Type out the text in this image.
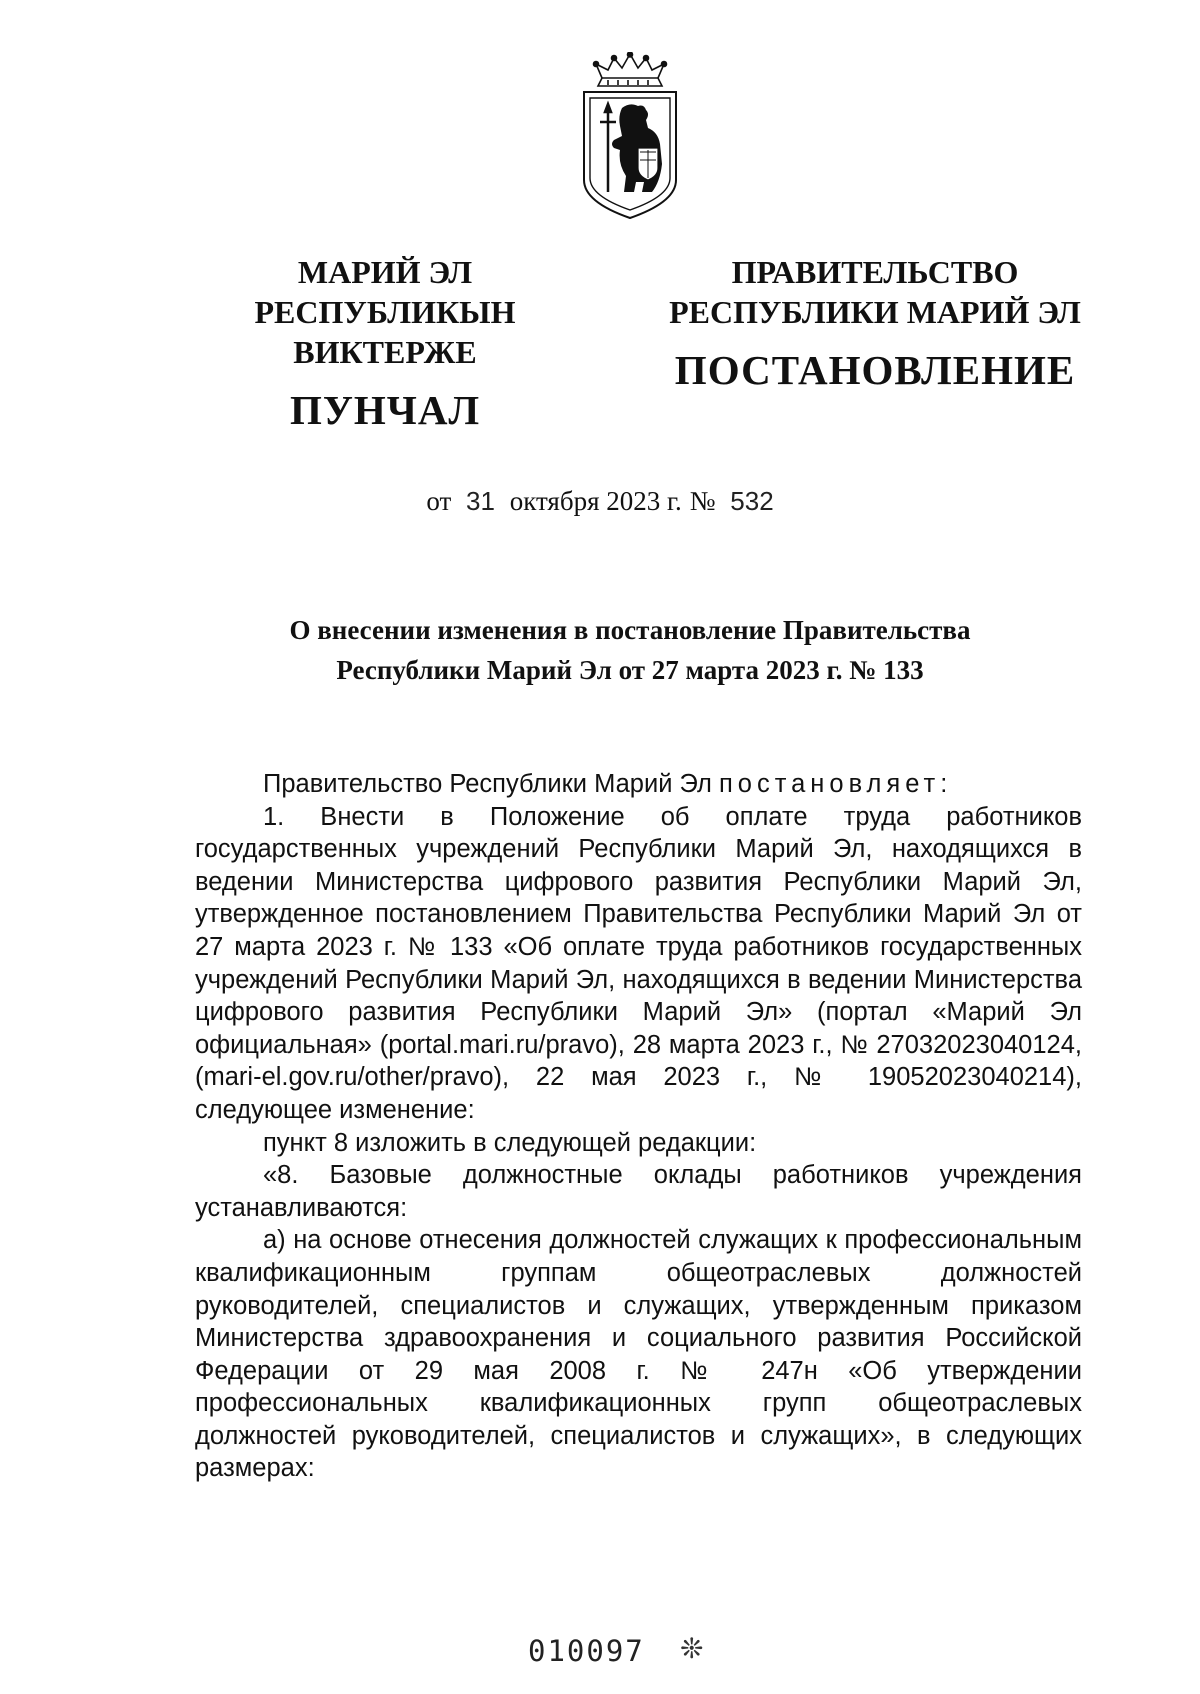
МАРИЙ ЭЛ РЕСПУБЛИКЫН
ВИКТЕРЖЕ
ПУНЧАЛ
ПРАВИТЕЛЬСТВО
РЕСПУБЛИКИ МАРИЙ ЭЛ
ПОСТАНОВЛЕНИЕ
от 31 октября 2023 г. № 532
О внесении изменения в постановление Правительства
Республики Марий Эл от 27 марта 2023 г. № 133

Правительство Республики Марий Эл постановляет:

1. Внести в Положение об оплате труда работников государственных учреждений Республики Марий Эл, находящихся в ведении Министерства цифрового развития Республики Марий Эл, утвержденное постановлением Правительства Республики Марий Эл от 27 марта 2023 г. № 133 «Об оплате труда работников государственных учреждений Республики Марий Эл, находящихся в ведении Министерства цифрового развития Республики Марий Эл» (портал «Марий Эл официальная» (portal.mari.ru/pravo), 28 марта 2023 г., № 27032023040124, (mari-el.gov.ru/other/pravo), 22 мая 2023 г., № 19052023040214), следующее изменение:

пункт 8 изложить в следующей редакции:

«8. Базовые должностные оклады работников учреждения устанавливаются:

а) на основе отнесения должностей служащих к профессиональным квалификационным группам общеотраслевых должностей руководителей, специалистов и служащих, утвержденным приказом Министерства здравоохранения и социального развития Российской Федерации от 29 мая 2008 г. № 247н «Об утверждении профессиональных квалификационных групп общеотраслевых должностей руководителей, специалистов и служащих», в следующих размерах:

010097 ❊
